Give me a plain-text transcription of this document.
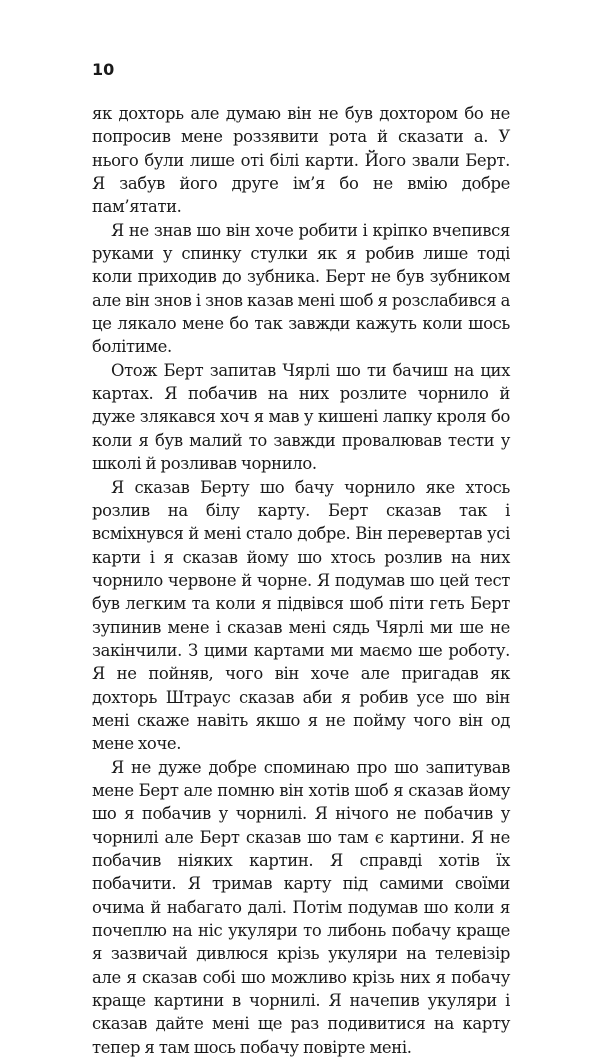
10

як дохторь але думаю він не був дохтором бо не попросив мене роззявити рота й сказати а. У нього були лише оті білі карти. Його звали Берт. Я забув його друге ім’я бо не вмію добре пам’ятати.

Я не знав шо він хоче робити і кріпко вчепився руками у спинку стулки як я робив лише тоді коли приходив до зубника. Берт не був зубником але він знов і знов казав мені шоб я розслабився а це лякало мене бо так завжди кажуть коли шось болітиме.

Отож Берт запитав Чярлі шо ти бачиш на цих картах. Я побачив на них розлите чорнило й дуже злякався хоч я мав у кишені лапку кроля бо коли я був малий то завжди провалював тести у школі й розливав чорнило.

Я сказав Берту шо бачу чорнило яке хтось розлив на білу карту. Берт сказав так і всміхнувся й мені стало добре. Він перевертав усі карти і я сказав йому шо хтось розлив на них чорнило червоне й чорне. Я подумав шо цей тест був легким та коли я підвівся шоб піти геть Берт зупинив мене і сказав мені сядь Чярлі ми ше не закінчили. З цими картами ми маємо ше роботу. Я не пойняв, чого він хоче але пригадав як дохторь Штраус сказав аби я робив усе шо він мені скаже навіть якшо я не пойму чого він од мене хоче.

Я не дуже добре споминаю про шо запитував мене Берт але помню він хотів шоб я сказав йому шо я побачив у чорнилі. Я нічого не побачив у чорнилі але Берт сказав шо там є картини. Я не побачив ніяких картин. Я справді хотів їх побачити. Я тримав карту під самими своїми очима й набагато далі. Потім подумав шо коли я почеплю на ніс укуляри то либонь побачу краще я зазвичай дивлюся крізь укуляри на телевізір але я сказав собі шо можливо крізь них я побачу краще картини в чорнилі. Я начепив укуляри і сказав дайте мені ще раз подивитися на карту тепер я там шось побачу повірте мені.
